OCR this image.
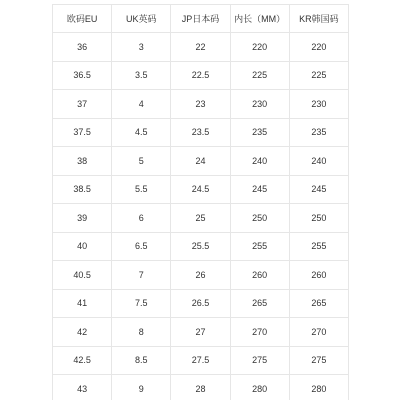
欧码EU	UK英码	JP日本码	内长（MM）	KR韩国码
36	3	22	220	220
36.5	3.5	22.5	225	225
37	4	23	230	230
37.5	4.5	23.5	235	235
38	5	24	240	240
38.5	5.5	24.5	245	245
39	6	25	250	250
40	6.5	25.5	255	255
40.5	7	26	260	260
41	7.5	26.5	265	265
42	8	27	270	270
42.5	8.5	27.5	275	275
43	9	28	280	280
